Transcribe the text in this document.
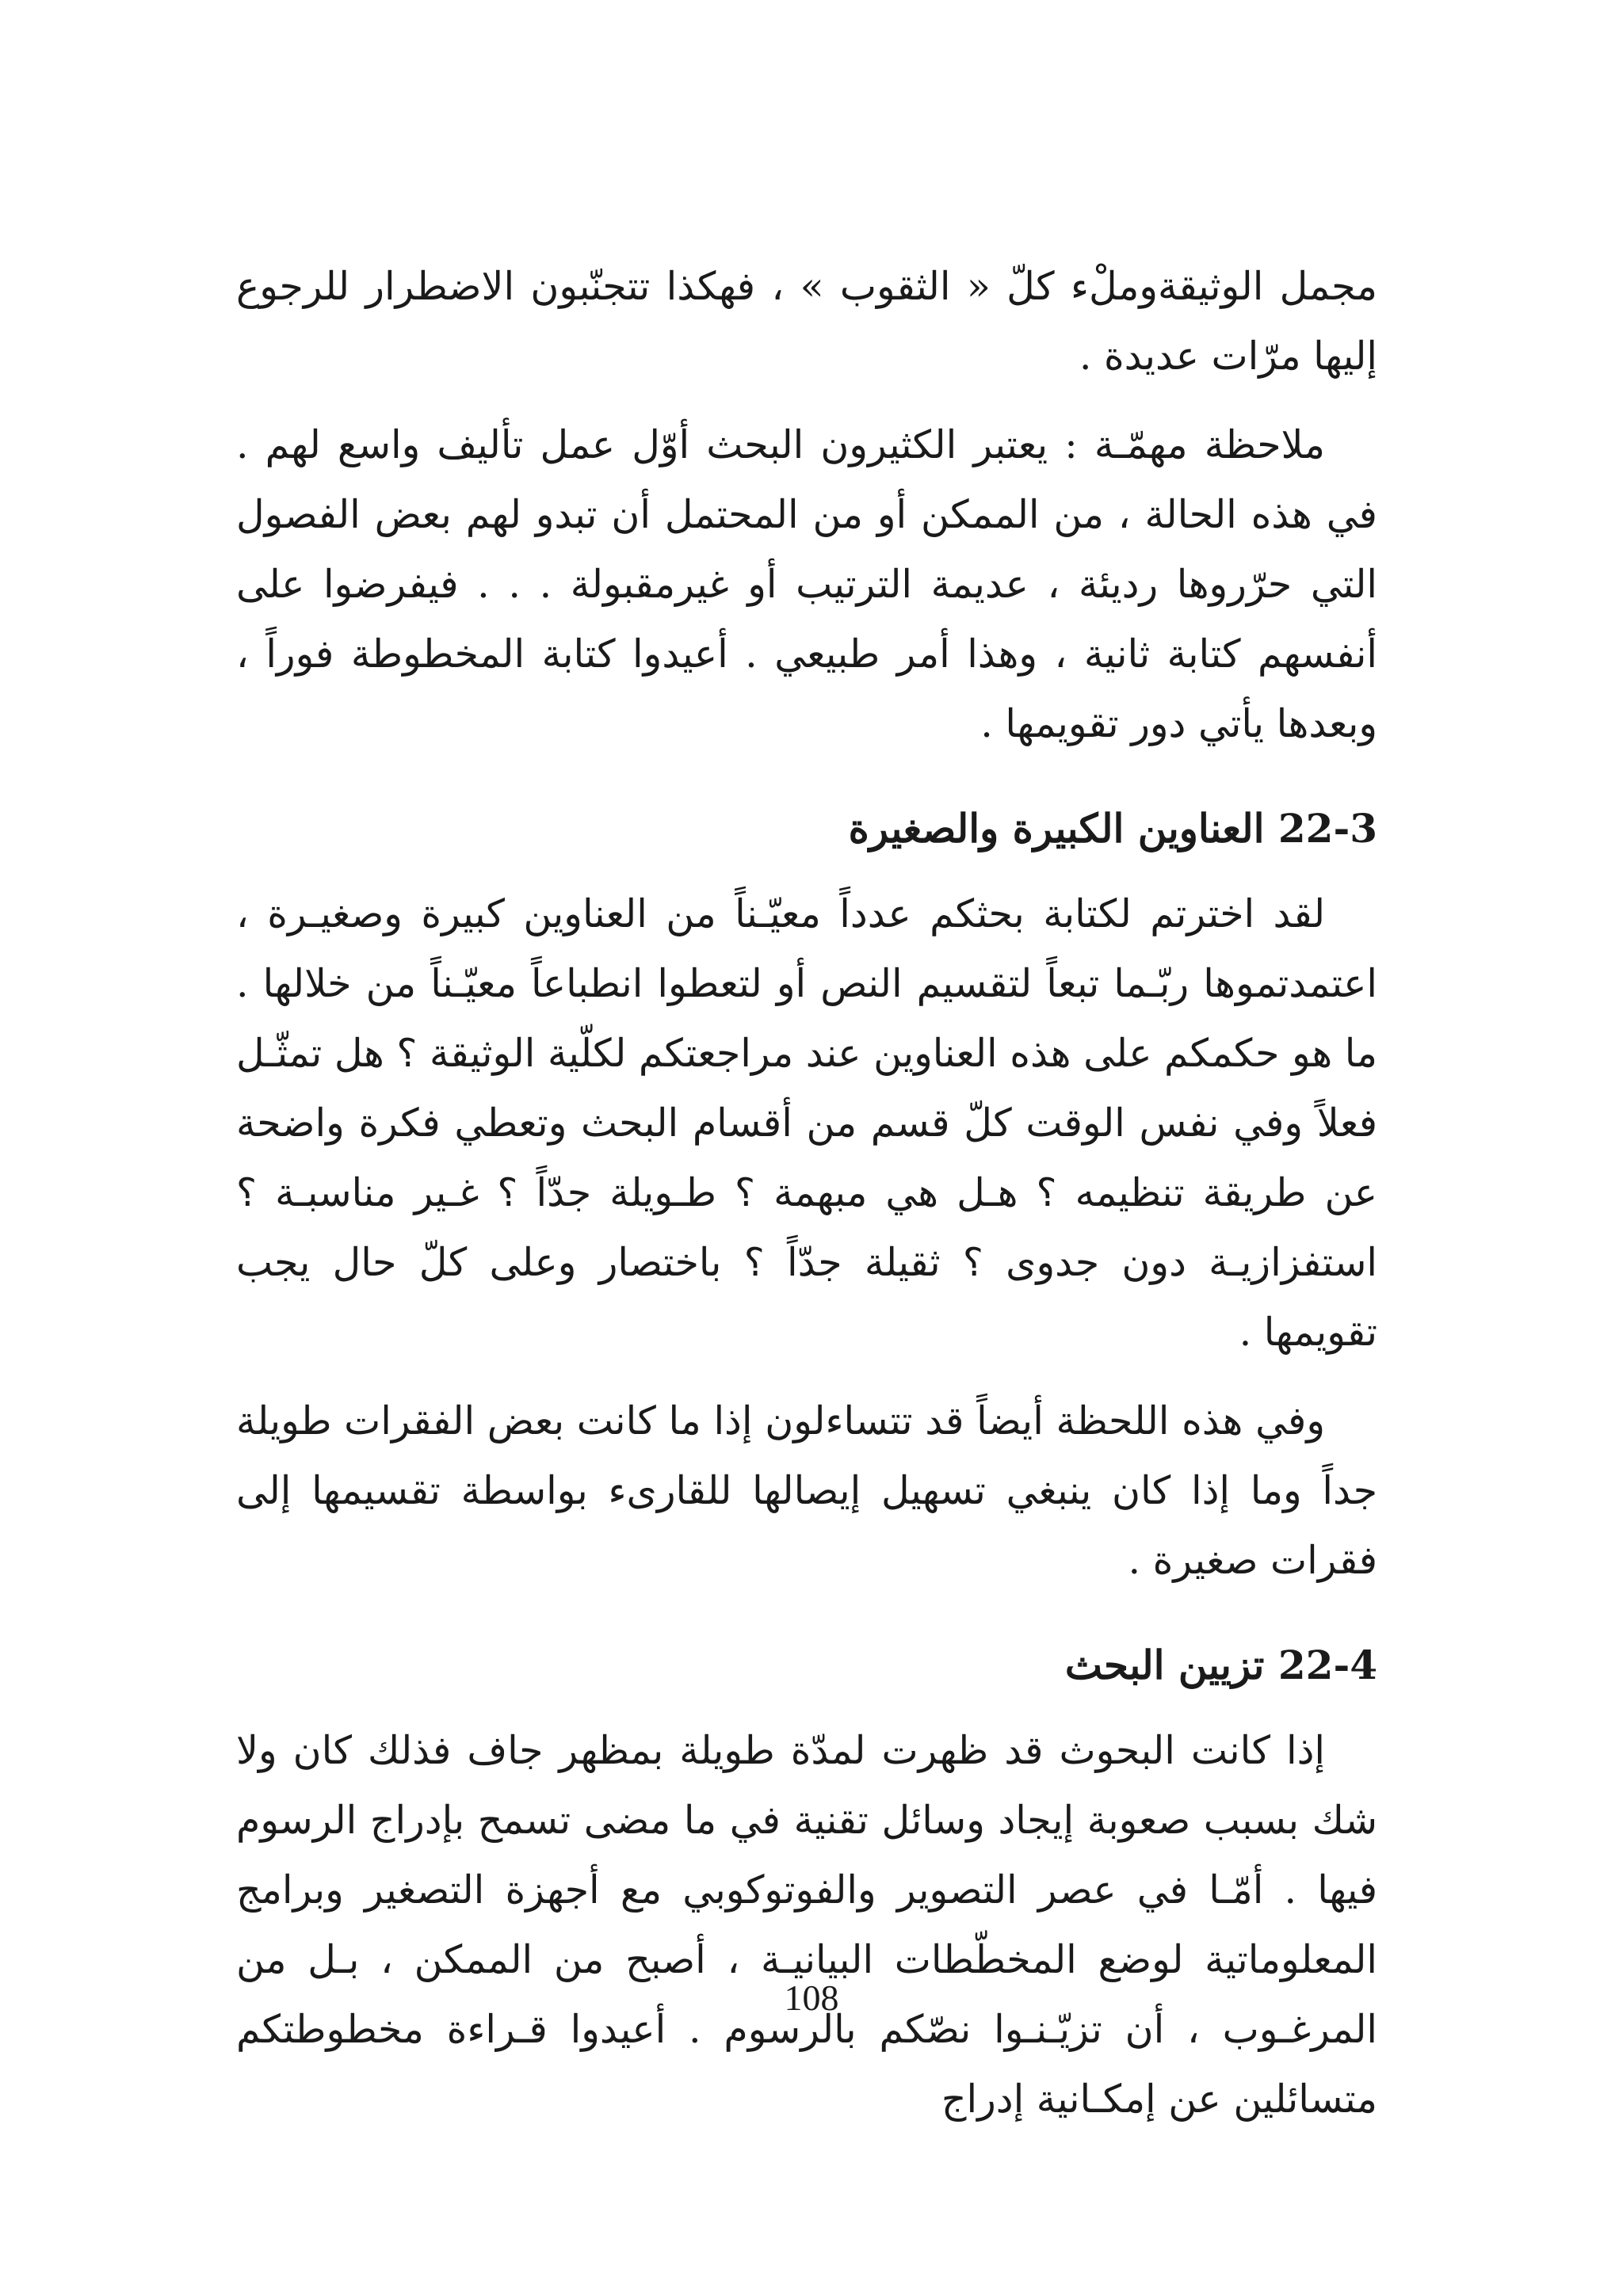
مجمل الوثيقةوملْء كلّ « الثقوب » ، فهكذا تتجنّبون الاضطرار للرجوع إليها مرّات عديدة .

ملاحظة مهمّـة : يعتبر الكثيرون البحث أوّل عمل تأليف واسع لهم . في هذه الحالة ، من الممكن أو من المحتمل أن تبدو لهم بعض الفصول التي حرّروها رديئة ، عديمة الترتيب أو غيرمقبولة . . . فيفرضوا على أنفسهم كتابة ثانية ، وهذا أمر طبيعي . أعيدوا كتابة المخطوطة فوراً ، وبعدها يأتي دور تقويمها .

22-3 العناوين الكبيرة والصغيرة

لقد اخترتم لكتابة بحثكم عدداً معيّـناً من العناوين كبيرة وصغيـرة ، اعتمدتموها ربّـما تبعاً لتقسيم النص أو لتعطوا انطباعاً معيّـناً من خلالها . ما هو حكمكم على هذه العناوين عند مراجعتكم لكلّية الوثيقة ؟ هل تمثّـل فعلاً وفي نفس الوقت كلّ قسم من أقسام البحث وتعطي فكرة واضحة عن طريقة تنظيمه ؟ هـل هي مبهمة ؟ طـويلة جدّاً ؟ غـير مناسبـة ؟ استفزازيـة دون جدوى ؟ ثقيلة جدّاً ؟ باختصار وعلى كلّ حال يجب تقويمها .

وفي هذه اللحظة أيضاً قد تتساءلون إذا ما كانت بعض الفقرات طويلة جداً وما إذا كان ينبغي تسهيل إيصالها للقارىء بواسطة تقسيمها إلى فقرات صغيرة .

22-4 تزيين البحث

إذا كانت البحوث قد ظهرت لمدّة طويلة بمظهر جاف فذلك كان ولا شك بسبب صعوبة إيجاد وسائل تقنية في ما مضى تسمح بإدراج الرسوم فيها . أمّـا في عصر التصوير والفوتوكوبي مع أجهزة التصغير وبرامج المعلوماتية لوضع المخطّطات البيانيـة ، أصبح من الممكن ، بـل من المرغـوب ، أن تزيّـنـوا نصّكم بالرسوم . أعيدوا قـراءة مخطوطتكم متسائلين عن إمكـانية إدراج

108
